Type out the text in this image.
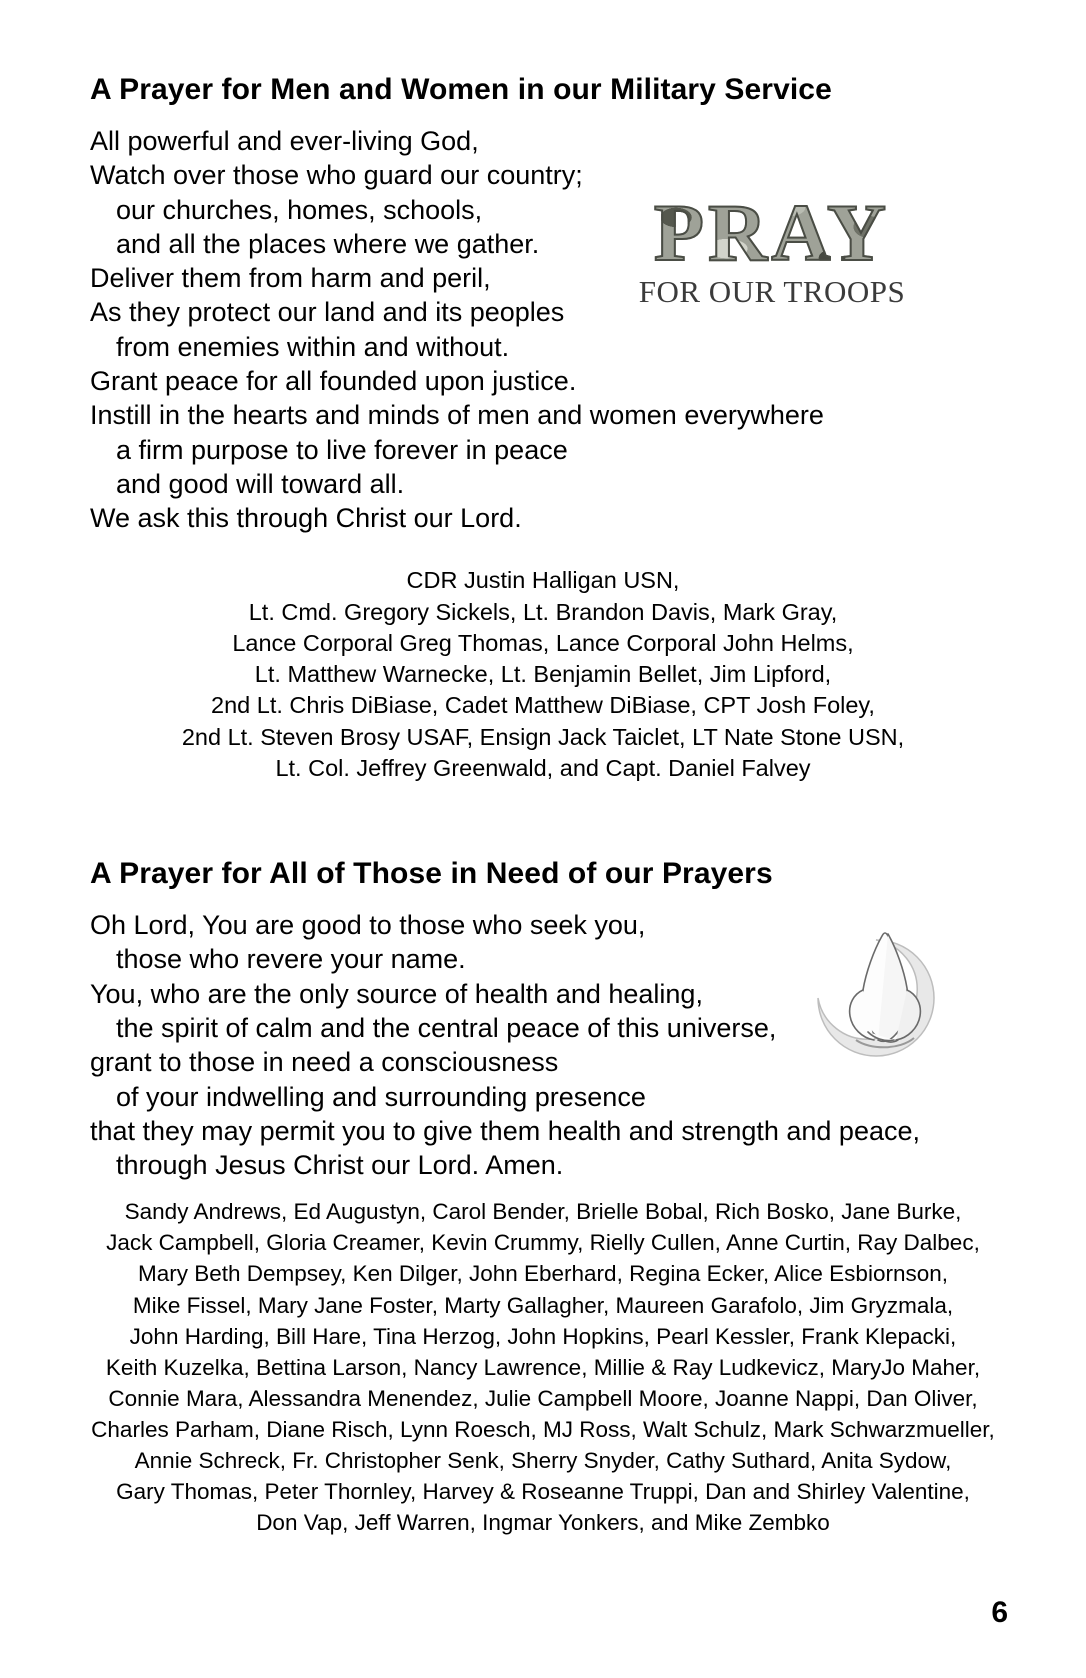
A Prayer for Men and Women in our Military Service
PRAY
FOR OUR TROOPS

All powerful and ever-living God,
Watch over those who guard our country;
our churches, homes, schools,
and all the places where we gather.
Deliver them from harm and peril,
As they protect our land and its peoples
from enemies within and without.
Grant peace for all founded upon justice.
Instill in the hearts and minds of men and women everywhere
a firm purpose to live forever in peace
and good will toward all.
We ask this through Christ our Lord.

CDR Justin Halligan USN,
Lt. Cmd. Gregory Sickels, Lt. Brandon Davis, Mark Gray,
Lance Corporal Greg Thomas, Lance Corporal John Helms,
Lt. Matthew Warnecke, Lt. Benjamin Bellet, Jim Lipford,
2nd Lt. Chris DiBiase, Cadet Matthew DiBiase, CPT Josh Foley,
2nd Lt. Steven Brosy USAF, Ensign Jack Taiclet, LT Nate Stone USN,
Lt. Col. Jeffrey Greenwald, and Capt. Daniel Falvey

A Prayer for All of Those in Need of our Prayers

Oh Lord, You are good to those who seek you,
those who revere your name.
You, who are the only source of health and healing,
the spirit of calm and the central peace of this universe,
grant to those in need a consciousness
of your indwelling and surrounding presence
that they may permit you to give them health and strength and peace,
through Jesus Christ our Lord. Amen.

Sandy Andrews, Ed Augustyn, Carol Bender, Brielle Bobal, Rich Bosko, Jane Burke,
Jack Campbell, Gloria Creamer, Kevin Crummy, Rielly Cullen, Anne Curtin, Ray Dalbec,
Mary Beth Dempsey, Ken Dilger, John Eberhard, Regina Ecker, Alice Esbiornson,
Mike Fissel, Mary Jane Foster, Marty Gallagher, Maureen Garafolo, Jim Gryzmala,
John Harding, Bill Hare, Tina Herzog, John Hopkins, Pearl Kessler, Frank Klepacki,
Keith Kuzelka, Bettina Larson, Nancy Lawrence, Millie & Ray Ludkevicz, MaryJo Maher,
Connie Mara, Alessandra Menendez, Julie Campbell Moore, Joanne Nappi, Dan Oliver,
Charles Parham, Diane Risch, Lynn Roesch, MJ Ross, Walt Schulz, Mark Schwarzmueller,
Annie Schreck, Fr. Christopher Senk, Sherry Snyder, Cathy Suthard, Anita Sydow,
Gary Thomas, Peter Thornley, Harvey & Roseanne Truppi, Dan and Shirley Valentine,
Don Vap, Jeff Warren, Ingmar Yonkers, and Mike Zembko

6
